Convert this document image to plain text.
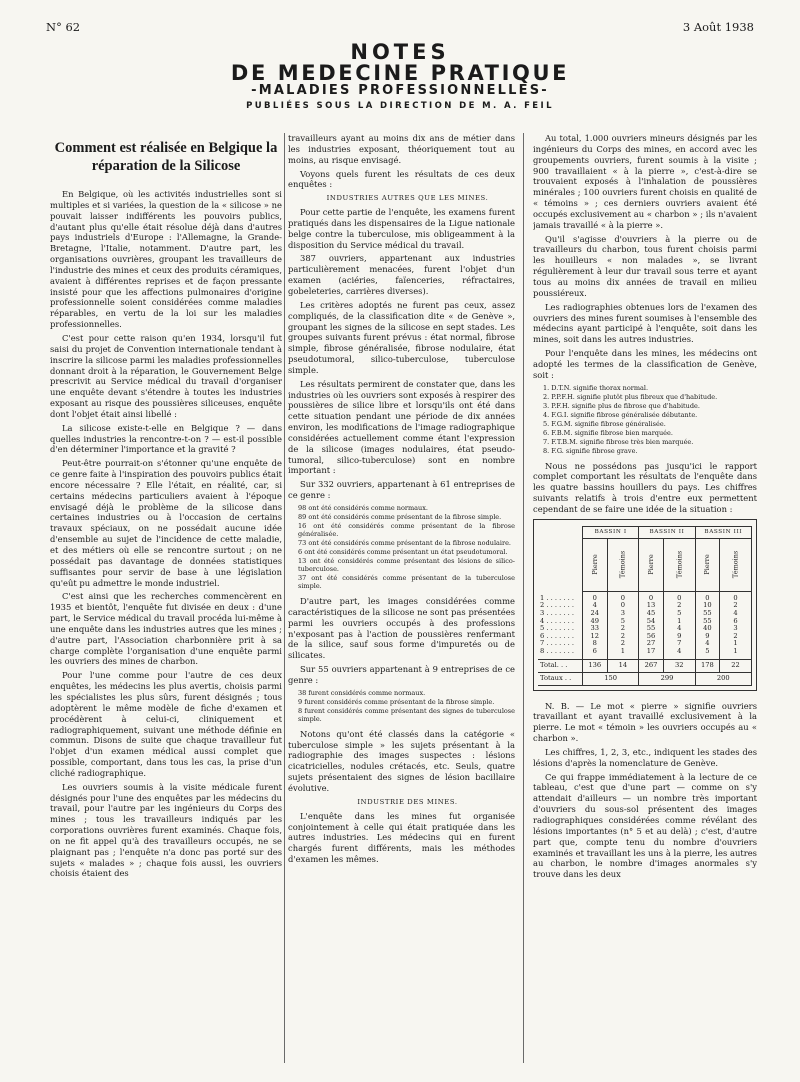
N° 62	3 Août 1938
NOTES
DE MEDECINE PRATIQUE
-MALADIES PROFESSIONNELLES-
PUBLIÉES SOUS LA DIRECTION DE M. A. FEIL
Comment est réalisée en Belgique la réparation de la Silicose

En Belgique, où les activités industrielles sont si multiples et si variées, la question de la « silicose » ne pouvait laisser indifférents les pouvoirs publics, d'autant plus qu'elle était résolue déjà dans d'autres pays industriels d'Europe : l'Allemagne, la Grande-Bretagne, l'Italie, notamment. D'autre part, les organisations ouvrières, groupant les travailleurs de l'industrie des mines et ceux des produits céramiques, avaient à différentes reprises et de façon pressante insisté pour que les affections pulmonaires d'origine professionnelle soient considérées comme maladies réparables, en vertu de la loi sur les maladies professionnelles.

C'est pour cette raison qu'en 1934, lorsqu'il fut saisi du projet de Convention internationale tendant à inscrire la silicose parmi les maladies professionnelles donnant droit à la réparation, le Gouvernement Belge prescrivit au Service médical du travail d'organiser une enquête devant s'étendre à toutes les industries exposant au risque des poussières siliceuses, enquête dont l'objet était ainsi libellé :

La silicose existe-t-elle en Belgique ? — dans quelles industries la rencontre-t-on ? — est-il possible d'en déterminer l'importance et la gravité ?

Peut-être pourrait-on s'étonner qu'une enquête de ce genre faite à l'inspiration des pouvoirs publics était encore nécessaire ? Elle l'était, en réalité, car, si certains médecins particuliers avaient à l'époque envisagé déjà le problème de la silicose dans certaines industries ou à l'occasion de certains travaux spéciaux, on ne possédait aucune idée d'ensemble au sujet de l'incidence de cette maladie, et des métiers où elle se rencontre surtout ; on ne possédait pas davantage de données statistiques suffisantes pour servir de base à une législation qu'eût pu admettre le monde industriel.

C'est ainsi que les recherches commencèrent en 1935 et bientôt, l'enquête fut divisée en deux : d'une part, le Service médical du travail procéda lui-même à une enquête dans les industries autres que les mines ; d'autre part, l'Association charbonnière prit à sa charge complète l'organisation d'une enquête parmi les ouvriers des mines de charbon.

Pour l'une comme pour l'autre de ces deux enquêtes, les médecins les plus avertis, choisis parmi les spécialistes les plus sûrs, furent désignés ; tous adoptèrent le même modèle de fiche d'examen et procédèrent à celui-ci, cliniquement et radiographiquement, suivant une méthode définie en commun. Disons de suite que chaque travailleur fut l'objet d'un examen médical aussi complet que possible, comportant, dans tous les cas, la prise d'un cliché radiographique.

Les ouvriers soumis à la visite médicale furent désignés pour l'une des enquêtes par les médecins du travail, pour l'autre par les ingénieurs du Corps des mines ; tous les travailleurs indiqués par les corporations ouvrières furent examinés. Chaque fois, on ne fit appel qu'à des travailleurs occupés, ne se plaignant pas ; l'enquête n'a donc pas porté sur des sujets « malades » ; chaque fois aussi, les ouvriers choisis étaient des

travailleurs ayant au moins dix ans de métier dans les industries exposant, théoriquement tout au moins, au risque envisagé.

Voyons quels furent les résultats de ces deux enquêtes :

INDUSTRIES AUTRES QUE LES MINES.

Pour cette partie de l'enquête, les examens furent pratiqués dans les dispensaires de la Ligue nationale belge contre la tuberculose, mis obligeamment à la disposition du Service médical du travail.

387 ouvriers, appartenant aux industries particulièrement menacées, furent l'objet d'un examen (aciéries, faïenceries, réfractaires, gobeleteries, carrières diverses).

Les critères adoptés ne furent pas ceux, assez compliqués, de la classification dite « de Genève », groupant les signes de la silicose en sept stades. Les groupes suivants furent prévus : état normal, fibrose simple, fibrose généralisée, fibrose nodulaire, état pseudotumoral, silico-tuberculose, tuberculose simple.

Les résultats permirent de constater que, dans les industries où les ouvriers sont exposés à respirer des poussières de silice libre et lorsqu'ils ont été dans cette situation pendant une période de dix années environ, les modifications de l'image radiographique considérées actuellement comme étant l'expression de la silicose (images nodulaires, état pseudo-tumoral, silico-tuberculose) sont en nombre important :

Sur 332 ouvriers, appartenant à 61 entreprises de ce genre :

98 ont été considérés comme normaux.
89 ont été considérés comme présentant de la fibrose simple.
16 ont été considérés comme présentant de la fibrose généralisée.
73 ont été considérés comme présentant de la fibrose nodulaire.
6 ont été considérés comme présentant un état pseudotumoral.
13 ont été considérés comme présentant des lésions de silico-tuberculose.
37 ont été considérés comme présentant de la tuberculose simple.

D'autre part, les images considérées comme caractéristiques de la silicose ne sont pas présentées parmi les ouvriers occupés à des professions n'exposant pas à l'action de poussières renfermant de la silice, sauf sous forme d'impuretés ou de silicates.

Sur 55 ouvriers appartenant à 9 entreprises de ce genre :

38 furent considérés comme normaux.
9 furent considérés comme présentant de la fibrose simple.
8 furent considérés comme présentant des signes de tuberculose simple.

Notons qu'ont été classés dans la catégorie « tuberculose simple » les sujets présentant à la radiographie des images suspectes : lésions cicatricielles, nodules crétacés, etc. Seuls, quatre sujets présentaient des signes de lésion bacillaire évolutive.

INDUSTRIE DES MINES.

L'enquête dans les mines fut organisée conjointement à celle qui était pratiquée dans les autres industries. Les médecins qui en furent chargés furent différents, mais les méthodes d'examen les mêmes.

Au total, 1.000 ouvriers mineurs désignés par les ingénieurs du Corps des mines, en accord avec les groupements ouvriers, furent soumis à la visite ; 900 travaillaient « à la pierre », c'est-à-dire se trouvaient exposés à l'inhalation de poussières minérales ; 100 ouvriers furent choisis en qualité de « témoins » ; ces derniers ouvriers avaient été occupés exclusivement au « charbon » ; ils n'avaient jamais travaillé « à la pierre ».

Qu'il s'agisse d'ouvriers à la pierre ou de travailleurs du charbon, tous furent choisis parmi les houilleurs « non malades », se livrant régulièrement à leur dur travail sous terre et ayant tous au moins dix années de travail en milieu poussiéreux.

Les radiographies obtenues lors de l'examen des ouvriers des mines furent soumises à l'ensemble des médecins ayant participé à l'enquête, soit dans les mines, soit dans les autres industries.

Pour l'enquête dans les mines, les médecins ont adopté les termes de la classification de Genève, soit :

1. D.T.N. signifie thorax normal.
2. P.P.F.H. signifie plutôt plus fibreux que d'habitude.
3. P.F.H. signifie plus de fibrose que d'habitude.
4. F.G.I. signifie fibrose généralisée débutante.
5. F.G.M. signifie fibrose généralisée.
6. F.B.M. signifie fibrose bien marquée.
7. F.T.B.M. signifie fibrose très bien marquée.
8. F.G. signifie fibrose grave.

Nous ne possédons pas jusqu'ici le rapport complet comportant les résultats de l'enquête dans les quatre bassins houillers du pays. Les chiffres suivants relatifs à trois d'entre eux permettent cependant de se faire une idée de la situation :

	BASSIN I		BASSIN II		BASSIN III	
	Pierre	Témoins	Pierre	Témoins	Pierre	Témoins

1 . . . . . . .	0	0	0	0	0	0
2 . . . . . . .	4	0	13	2	10	2
3 . . . . . . .	24	3	45	5	55	4
4 . . . . . . .	49	5	54	1	55	6
5 . . . . . . .	33	2	55	4	40	3
6 . . . . . . .	12	2	56	9	9	2
7 . . . . . . .	8	2	27	7	4	1
8 . . . . . . .	6	1	17	4	5	1

Total. . .	136	14	267	32	178	22
Totaux . .	150		299		200	

N. B. — Le mot « pierre » signifie ouvriers travaillant et ayant travaillé exclusivement à la pierre. Le mot « témoin » les ouvriers occupés au « charbon ».

Les chiffres, 1, 2, 3, etc., indiquent les stades des lésions d'après la nomenclature de Genève.

Ce qui frappe immédiatement à la lecture de ce tableau, c'est que d'une part — comme on s'y attendait d'ailleurs — un nombre très important d'ouvriers du sous-sol présentent des images radiographiques considérées comme révélant des lésions importantes (n° 5 et au delà) ; c'est, d'autre part que, compte tenu du nombre d'ouvriers examinés et travaillant les uns à la pierre, les autres au charbon, le nombre d'images anormales s'y trouve dans les deux
